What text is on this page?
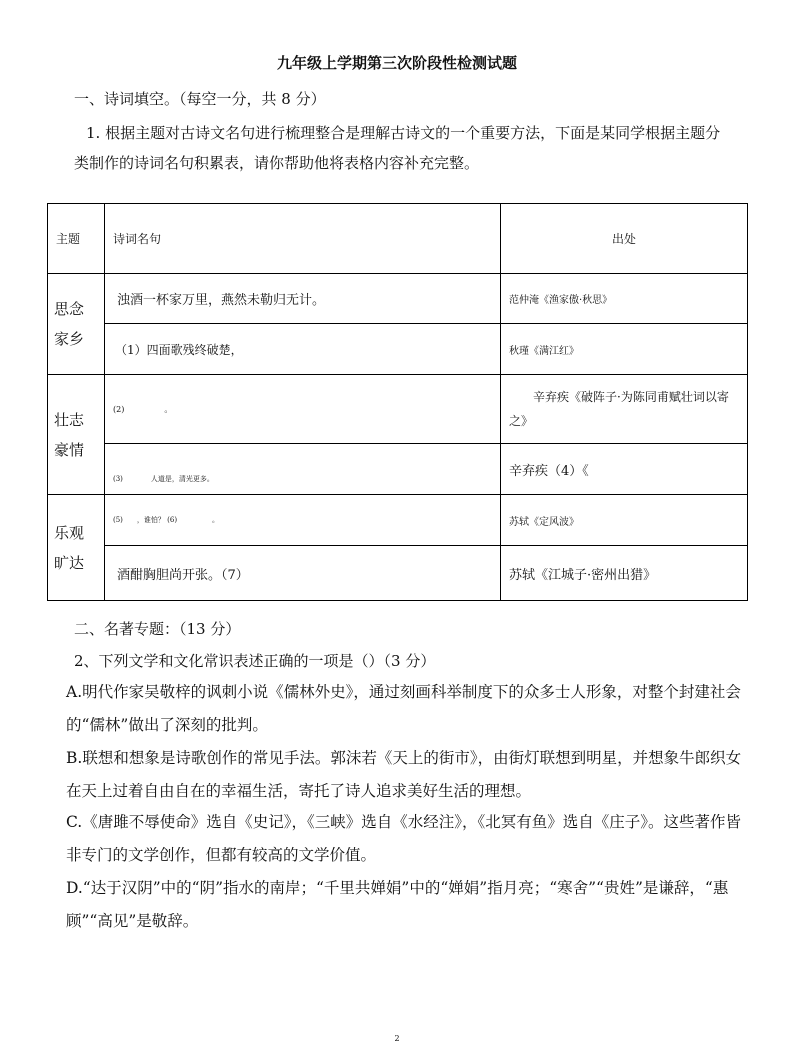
九年级上学期第三次阶段性检测试题
一、诗词填空。（每空一分，共 8 分）
1. 根据主题对古诗文名句进行梳理整合是理解古诗文的一个重要方法，下面是某同学根据主题分
类制作的诗词名句积累表，请你帮助他将表格内容补充完整。
主题	诗词名句	出处
思念家乡	浊酒一杯家万里，燕然未勒归无计。	范仲淹《渔家傲·秋思》
	（1）四面歌残终破楚，	秋瑾《满江红》
壮志豪情	(2)　　　　　。	辛弃疾《破阵子·为陈同甫赋壮词以寄之》
	(3)　　　　人道是，清光更多。	辛弃疾（4）《
乐观旷达	(5)　　，谁怕？ (6)　　　　　。	苏轼《定风波》
	酒酣胸胆尚开张。（7）	苏轼《江城子·密州出猎》
二、名著专题：（13 分）
2、下列文学和文化常识表述正确的一项是（）（3 分）
A.明代作家吴敬梓的讽刺小说《儒林外史》，通过刻画科举制度下的众多士人形象，对整个封建社会的“儒林”做出了深刻的批判。
B.联想和想象是诗歌创作的常见手法。郭沫若《天上的街市》，由街灯联想到明星，并想象牛郎织女在天上过着自由自在的幸福生活，寄托了诗人追求美好生活的理想。
C.《唐雎不辱使命》选自《史记》，《三峡》选自《水经注》，《北冥有鱼》选自《庄子》。这些著作皆非专门的文学创作，但都有较高的文学价值。
D.“达于汉阴”中的“阴”指水的南岸；“千里共婵娟”中的“婵娟”指月亮；“寒舍”“贵姓”是谦辞，“惠顾”“高见”是敬辞。
2
